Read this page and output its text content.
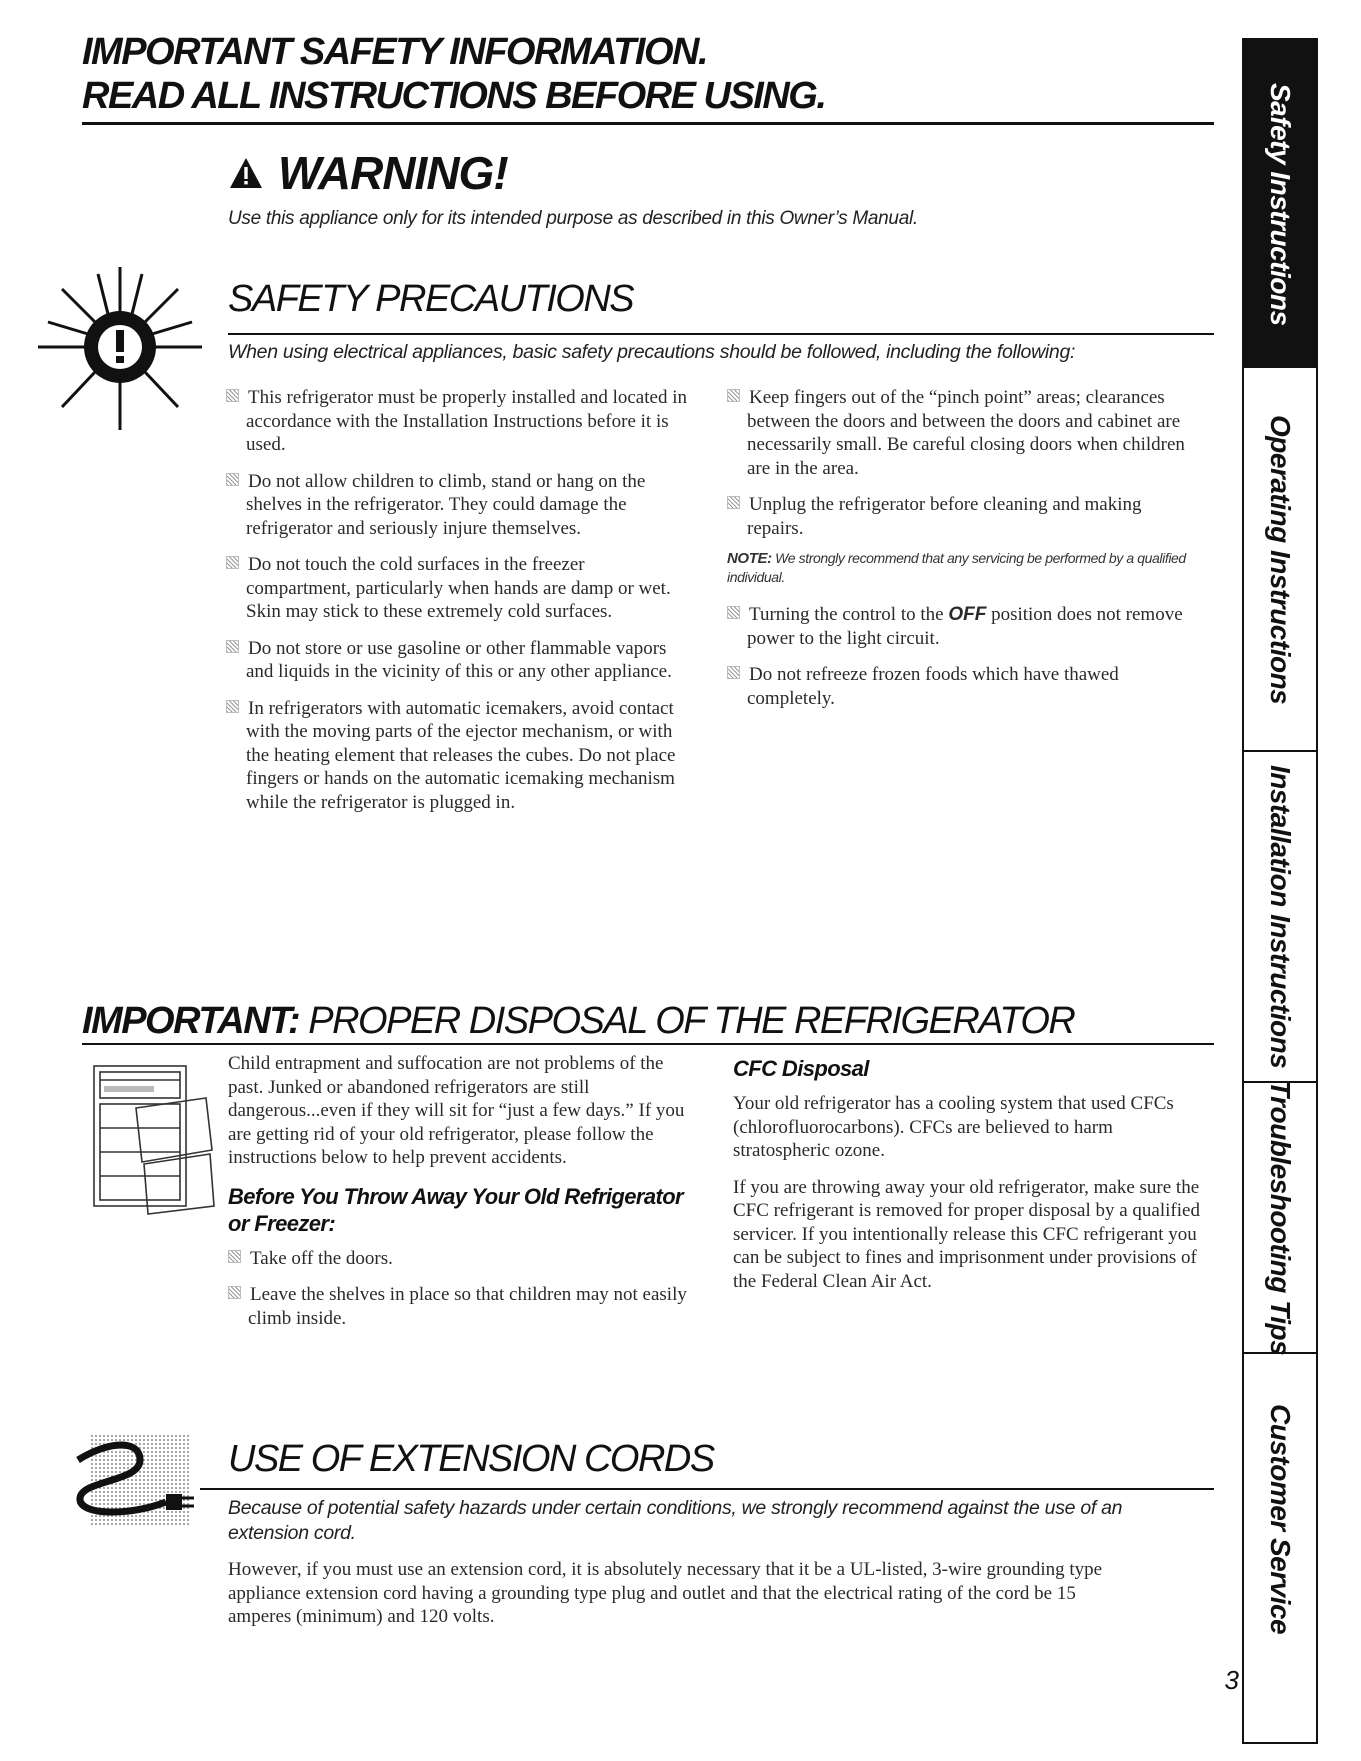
IMPORTANT SAFETY INFORMATION.
READ ALL INSTRUCTIONS BEFORE USING.
WARNING!
Use this appliance only for its intended purpose as described in this Owner’s Manual.
SAFETY PRECAUTIONS
When using electrical appliances, basic safety precautions should be followed, including the following:
This refrigerator must be properly installed and located in accordance with the Installation Instructions before it is used.
Do not allow children to climb, stand or hang on the shelves in the refrigerator. They could damage the refrigerator and seriously injure themselves.
Do not touch the cold surfaces in the freezer compartment, particularly when hands are damp or wet. Skin may stick to these extremely cold surfaces.
Do not store or use gasoline or other flammable vapors and liquids in the vicinity of this or any other appliance.
In refrigerators with automatic icemakers, avoid contact with the moving parts of the ejector mechanism, or with the heating element that releases the cubes. Do not place fingers or hands on the automatic icemaking mechanism while the refrigerator is plugged in.
Keep fingers out of the “pinch point” areas; clearances between the doors and between the doors and cabinet are necessarily small. Be careful closing doors when children are in the area.
Unplug the refrigerator before cleaning and making repairs.
NOTE: We strongly recommend that any servicing be performed by a qualified individual.
Turning the control to the OFF position does not remove power to the light circuit.
Do not refreeze frozen foods which have thawed completely.
IMPORTANT: PROPER DISPOSAL OF THE REFRIGERATOR

Child entrapment and suffocation are not problems of the past. Junked or abandoned refrigerators are still dangerous...even if they will sit for “just a few days.” If you are getting rid of your old refrigerator, please follow the instructions below to help prevent accidents.

Before You Throw Away Your Old Refrigerator or Freezer:
Take off the doors.
Leave the shelves in place so that children may not easily climb inside.
CFC Disposal

Your old refrigerator has a cooling system that used CFCs (chlorofluorocarbons). CFCs are believed to harm stratospheric ozone.

If you are throwing away your old refrigerator, make sure the CFC refrigerant is removed for proper disposal by a qualified servicer. If you intentionally release this CFC refrigerant you can be subject to fines and imprisonment under provisions of the Federal Clean Air Act.

USE OF EXTENSION CORDS
Because of potential safety hazards under certain conditions, we strongly recommend against the use of an extension cord.

However, if you must use an extension cord, it is absolutely necessary that it be a UL-listed, 3-wire grounding type appliance extension cord having a grounding type plug and outlet and that the electrical rating of the cord be 15 amperes (minimum) and 120 volts.

3
Safety Instructions
Operating Instructions
Installation Instructions
Troubleshooting Tips
Customer Service
